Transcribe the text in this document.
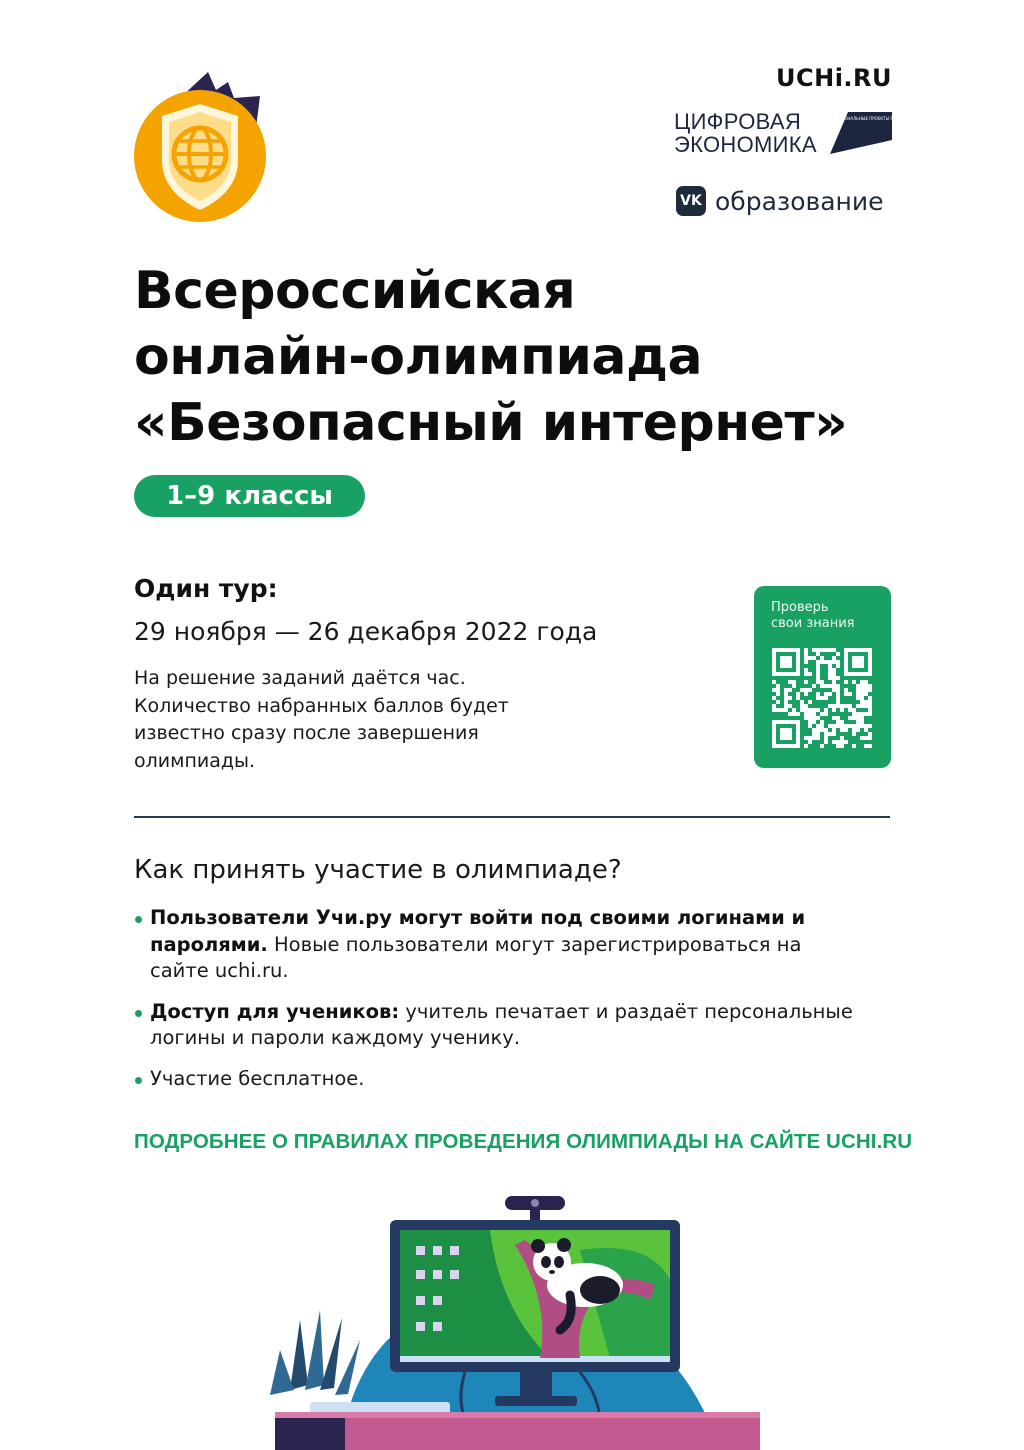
UCHi.RU
ЦИФРОВАЯ
ЭКОНОМИКА
НАЦИОНАЛЬНЫЕ ПРОЕКТЫ РОССИИ
VK образование
Всероссийская
онлайн-олимпиада
«Безопасный интернет»
1–9 классы
Один тур:
29 ноября — 26 декабря 2022 года
На решение заданий даётся час. Количество набранных баллов будет известно сразу после завершения олимпиады.
Проверь
свои знания
Как принять участие в олимпиаде?
Пользователи Учи.ру могут войти под своими логинами и паролями. Новые пользователи могут зарегистрироваться на сайте uchi.ru.
Доступ для учеников: учитель печатает и раздаёт персональные логины и пароли каждому ученику.
Участие бесплатное.
ПОДРОБНЕЕ О ПРАВИЛАХ ПРОВЕДЕНИЯ ОЛИМПИАДЫ НА САЙТЕ UCHI.RU
